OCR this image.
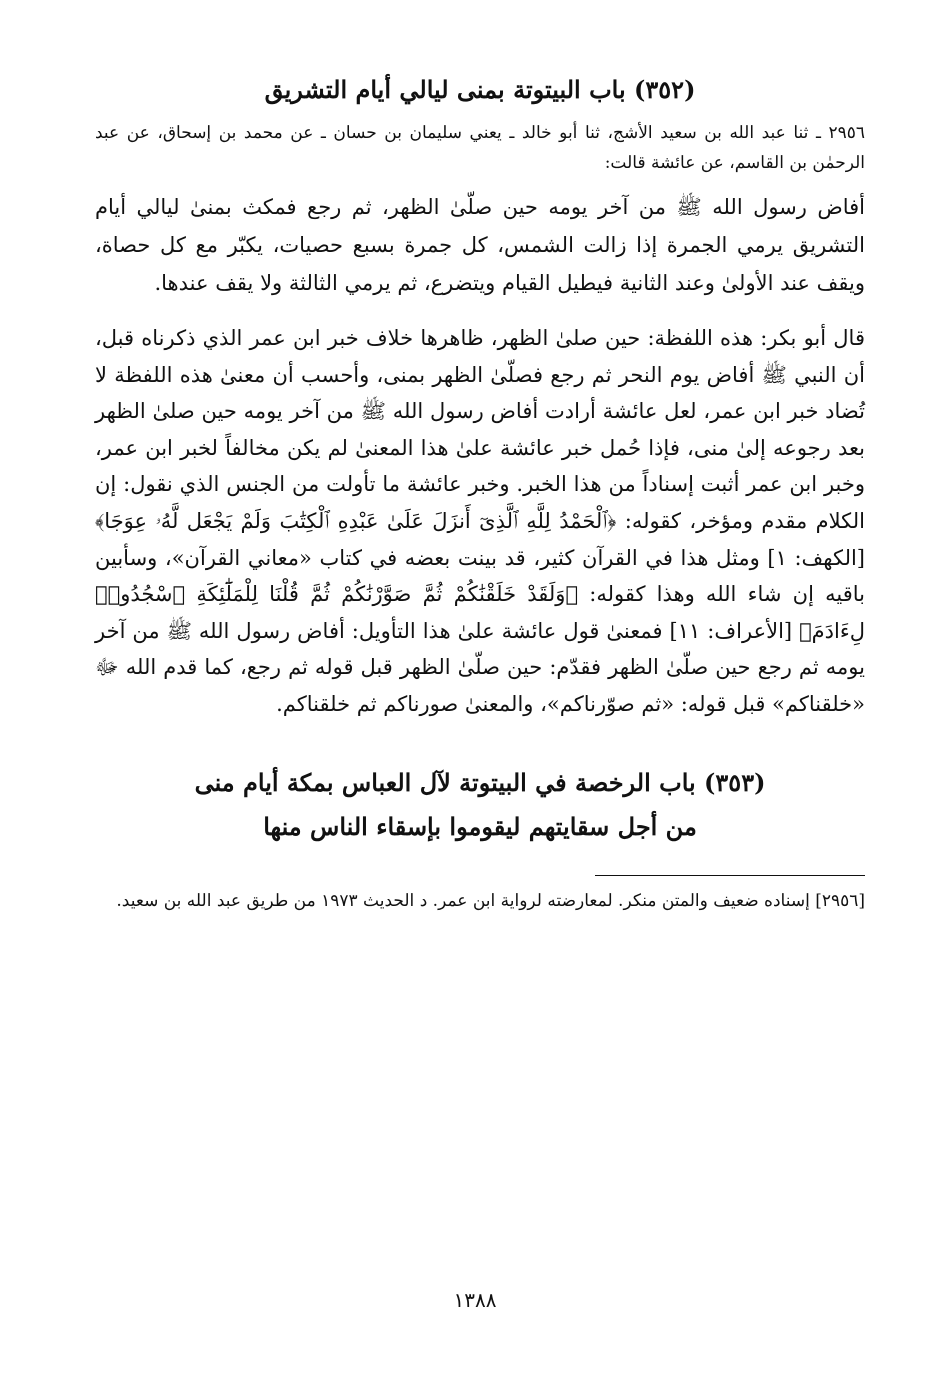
(٣٥٢) باب البيتوتة بمنى ليالي أيام التشريق

٢٩٥٦ ـ ثنا عبد الله بن سعيد الأشج، ثنا أبو خالد ـ يعني سليمان بن حسان ـ عن محمد بن إسحاق، عن عبد الرحمٰن بن القاسم، عن عائشة قالت:

أفاض رسول الله ﷺ من آخر يومه حين صلّىٰ الظهر، ثم رجع فمكث بمنىٰ ليالي أيام التشريق يرمي الجمرة إذا زالت الشمس، كل جمرة بسبع حصيات، يكبّر مع كل حصاة، ويقف عند الأولىٰ وعند الثانية فيطيل القيام ويتضرع، ثم يرمي الثالثة ولا يقف عندها.

قال أبو بكر: هذه اللفظة: حين صلىٰ الظهر، ظاهرها خلاف خبر ابن عمر الذي ذكرناه قبل، أن النبي ﷺ أفاض يوم النحر ثم رجع فصلّىٰ الظهر بمنى، وأحسب أن معنىٰ هذه اللفظة لا تُضاد خبر ابن عمر، لعل عائشة أرادت أفاض رسول الله ﷺ من آخر يومه حين صلىٰ الظهر بعد رجوعه إلىٰ منى، فإذا حُمل خبر عائشة علىٰ هذا المعنىٰ لم يكن مخالفاً لخبر ابن عمر، وخبر ابن عمر أثبت إسناداً من هذا الخبر. وخبر عائشة ما تأولت من الجنس الذي نقول: إن الكلام مقدم ومؤخر، كقوله: ﴿ٱلْحَمْدُ لِلَّهِ ٱلَّذِىٓ أَنزَلَ عَلَىٰ عَبْدِهِ ٱلْكِتَٰبَ وَلَمْ يَجْعَل لَّهُۥ عِوَجَا﴾ [الكهف: ١] ومثل هذا في القرآن كثير، قد بينت بعضه في كتاب «معاني القرآن»، وسأبين باقيه إن شاء الله وهذا كقوله: ﴿وَلَقَدْ خَلَقْنَٰكُمْ ثُمَّ صَوَّرْنَٰكُمْ ثُمَّ قُلْنَا لِلْمَلَٰٓئِكَةِ ٱسْجُدُوا۟ لِءَادَمَ﴾ [الأعراف: ١١] فمعنىٰ قول عائشة علىٰ هذا التأويل: أفاض رسول الله ﷺ من آخر يومه ثم رجع حين صلّىٰ الظهر فقدّم: حين صلّىٰ الظهر قبل قوله ثم رجع، كما قدم الله ﷻ «خلقناكم» قبل قوله: «ثم صوّرناكم»، والمعنىٰ صورناكم ثم خلقناكم.

(٣٥٣) باب الرخصة في البيتوتة لآل العباس بمكة أيام منى
من أجل سقايتهم ليقوموا بإسقاء الناس منها

[٢٩٥٦] إسناده ضعيف والمتن منكر. لمعارضته لرواية ابن عمر. د الحديث ١٩٧٣ من طريق عبد الله بن سعيد.

١٣٨٨
